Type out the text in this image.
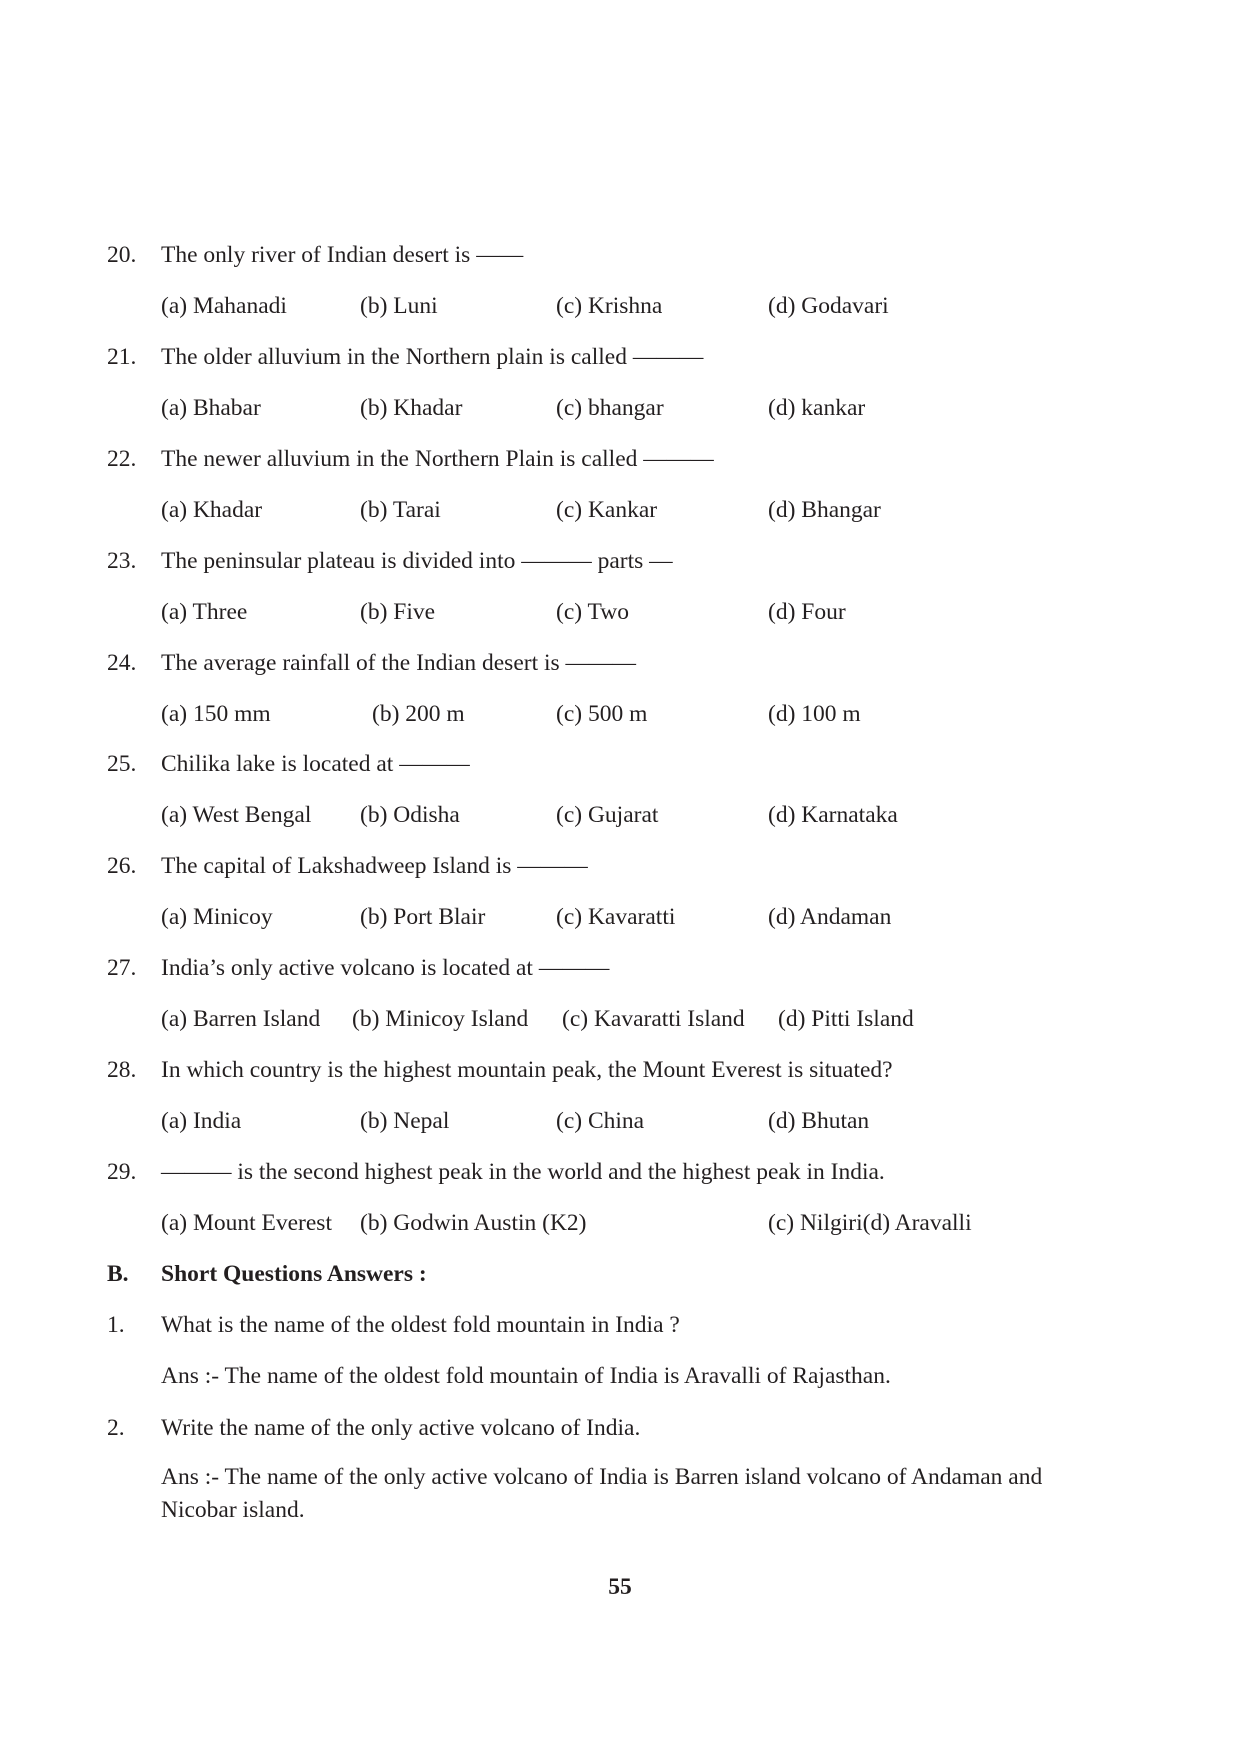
20. The only river of Indian desert is ——
(a) Mahanadi	(b) Luni	(c) Krishna	(d) Godavari
21. The older alluvium in the Northern plain is called ———
(a) Bhabar	(b) Khadar	(c) bhangar	(d) kankar
22. The newer alluvium in the Northern Plain is called ———
(a) Khadar	(b) Tarai	(c) Kankar	(d) Bhangar
23. The peninsular plateau is divided into ——— parts —
(a) Three	(b) Five	(c) Two	(d) Four
24. The average rainfall of the Indian desert is ———
(a) 150 mm	(b) 200 m	(c) 500 m	(d) 100 m
25. Chilika lake is located at ———
(a) West Bengal (b) Odisha	(c) Gujarat	(d) Karnataka
26. The capital of Lakshadweep Island is ———
(a) Minicoy	(b) Port Blair	(c) Kavaratti	(d) Andaman
27. India’s only active volcano is located at ———
(a) Barren Island (b) Minicoy Island (c) Kavaratti Island (d) Pitti Island
28. In which country is the highest mountain peak, the Mount Everest is situated?
(a) India	(b) Nepal	(c) China	(d) Bhutan
29. ——— is the second highest peak in the world and the highest peak in India.
(a) Mount Everest (b) Godwin Austin (K2)	(c) Nilgiri(d) Aravalli
B. Short Questions Answers :
1. What is the name of the oldest fold mountain in India ?
Ans :- The name of the oldest fold mountain of India is Aravalli of Rajasthan.
2. Write the name of the only active volcano of India.
Ans :- The name of the only active volcano of India is Barren island volcano of Andaman and Nicobar island.
55
